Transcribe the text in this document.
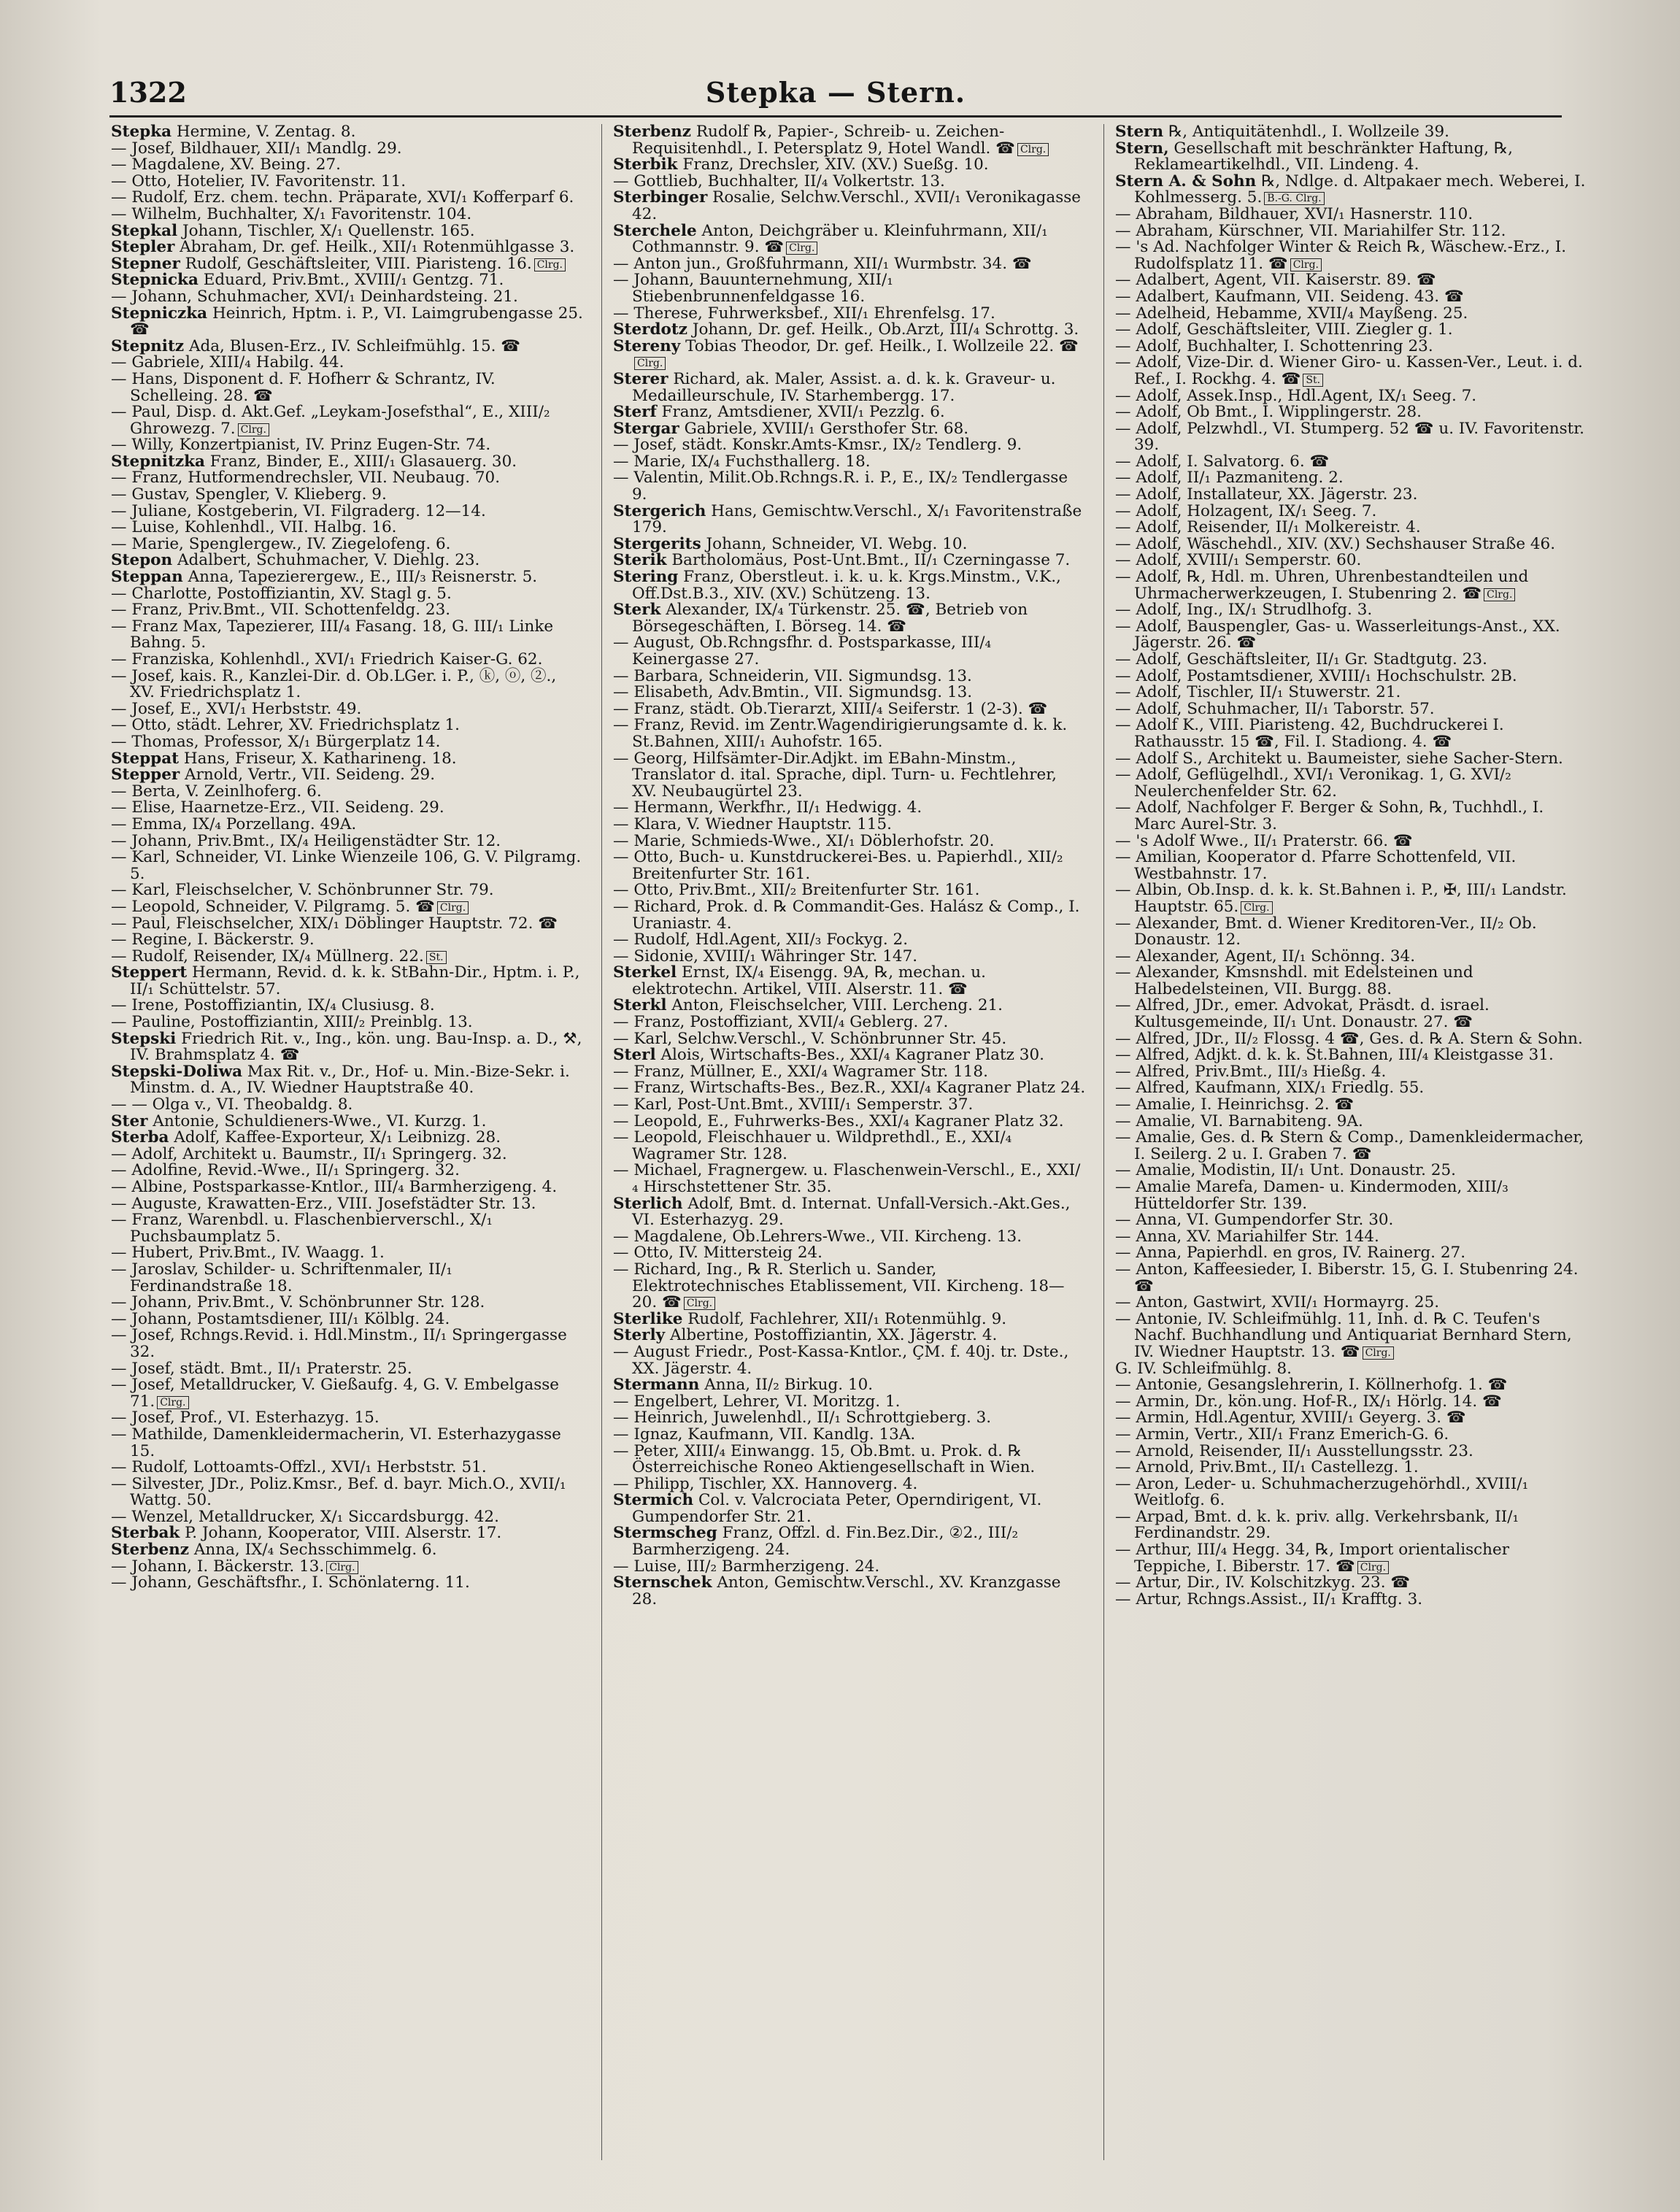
1322	Stepka — Stern.

Stepka Hermine, V. Zentag. 8.

— Josef, Bildhauer, XII/₁ Mandlg. 29.

— Magdalene, XV. Being. 27.

— Otto, Hotelier, IV. Favoritenstr. 11.

— Rudolf, Erz. chem. techn. Präparate, XVI/₁ Kofferparf 6.

— Wilhelm, Buchhalter, X/₁ Favoritenstr. 104.

Stepkal Johann, Tischler, X/₁ Quellenstr. 165.

Stepler Abraham, Dr. gef. Heilk., XII/₁ Rotenmühlgasse 3.

Stepner Rudolf, Geschäftsleiter, VIII. Piaristeng. 16. Clrg.

Stepnicka Eduard, Priv.Bmt., XVIII/₁ Gentzg. 71.

— Johann, Schuhmacher, XVI/₁ Deinhardsteing. 21.

Stepniczka Heinrich, Hptm. i. P., VI. Laimgrubengasse 25. ☎

Stepnitz Ada, Blusen-Erz., IV. Schleifmühlg. 15. ☎

— Gabriele, XIII/₄ Habilg. 44.

— Hans, Disponent d. F. Hofherr & Schrantz, IV. Schelleing. 28. ☎

— Paul, Disp. d. Akt.Gef. „Leykam-Josefsthal“, E., XIII/₂ Ghrowezg. 7. Clrg.

— Willy, Konzertpianist, IV. Prinz Eugen-Str. 74.

Stepnitzka Franz, Binder, E., XIII/₁ Glasauerg. 30.

— Franz, Hutformendrechsler, VII. Neubaug. 70.

— Gustav, Spengler, V. Klieberg. 9.

— Juliane, Kostgeberin, VI. Filgraderg. 12—14.

— Luise, Kohlenhdl., VII. Halbg. 16.

— Marie, Spenglergew., IV. Ziegelofeng. 6.

Stepon Adalbert, Schuhmacher, V. Diehlg. 23.

Steppan Anna, Tapezierergew., E., III/₃ Reisnerstr. 5.

— Charlotte, Postoffiziantin, XV. Stagl g. 5.

— Franz, Priv.Bmt., VII. Schottenfeldg. 23.

— Franz Max, Tapezierer, III/₄ Fasang. 18, G. III/₁ Linke Bahng. 5.

— Franziska, Kohlenhdl., XVI/₁ Friedrich Kaiser-G. 62.

— Josef, kais. R., Kanzlei-Dir. d. Ob.LGer. i. P., ⓚ, ⓞ, ②., XV. Friedrichsplatz 1.

— Josef, E., XVI/₁ Herbststr. 49.

— Otto, städt. Lehrer, XV. Friedrichsplatz 1.

— Thomas, Professor, X/₁ Bürgerplatz 14.

Steppat Hans, Friseur, X. Katharineng. 18.

Stepper Arnold, Vertr., VII. Seideng. 29.

— Berta, V. Zeinlhoferg. 6.

— Elise, Haarnetze-Erz., VII. Seideng. 29.

— Emma, IX/₄ Porzellang. 49A.

— Johann, Priv.Bmt., IX/₄ Heiligenstädter Str. 12.

— Karl, Schneider, VI. Linke Wienzeile 106, G. V. Pilgramg. 5.

— Karl, Fleischselcher, V. Schönbrunner Str. 79.

— Leopold, Schneider, V. Pilgramg. 5. ☎ Clrg.

— Paul, Fleischselcher, XIX/₁ Döblinger Hauptstr. 72. ☎

— Regine, I. Bäckerstr. 9.

— Rudolf, Reisender, IX/₄ Müllnerg. 22. St.

Steppert Hermann, Revid. d. k. k. StBahn-Dir., Hptm. i. P., II/₁ Schüttelstr. 57.

— Irene, Postoffiziantin, IX/₄ Clusiusg. 8.

— Pauline, Postoffiziantin, XIII/₂ Preinblg. 13.

Stepski Friedrich Rit. v., Ing., kön. ung. Bau-Insp. a. D., ⚒, IV. Brahmsplatz 4. ☎

Stepski-Doliwa Max Rit. v., Dr., Hof- u. Min.-Bize-Sekr. i. Minstm. d. A., IV. Wiedner Hauptstraße 40.

— — Olga v., VI. Theobaldg. 8.

Ster Antonie, Schuldieners-Wwe., VI. Kurzg. 1.

Sterba Adolf, Kaffee-Exporteur, X/₁ Leibnizg. 28.

— Adolf, Architekt u. Baumstr., II/₁ Springerg. 32.

— Adolfine, Revid.-Wwe., II/₁ Springerg. 32.

— Albine, Postsparkasse-Kntlor., III/₄ Barmherzigeng. 4.

— Auguste, Krawatten-Erz., VIII. Josefstädter Str. 13.

— Franz, Warenbdl. u. Flaschenbierverschl., X/₁ Puchsbaumplatz 5.

— Hubert, Priv.Bmt., IV. Waagg. 1.

— Jaroslav, Schilder- u. Schriftenmaler, II/₁ Ferdinandstraße 18.

— Johann, Priv.Bmt., V. Schönbrunner Str. 128.

— Johann, Postamtsdiener, III/₁ Kölblg. 24.

— Josef, Rchngs.Revid. i. Hdl.Minstm., II/₁ Springergasse 32.

— Josef, städt. Bmt., II/₁ Praterstr. 25.

— Josef, Metalldrucker, V. Gießaufg. 4, G. V. Embelgasse 71. Clrg.

— Josef, Prof., VI. Esterhazyg. 15.

— Mathilde, Damenkleidermacherin, VI. Esterhazygasse 15.

— Rudolf, Lottoamts-Offzl., XVI/₁ Herbststr. 51.

— Silvester, JDr., Poliz.Kmsr., Bef. d. bayr. Mich.O., XVII/₁ Wattg. 50.

— Wenzel, Metalldrucker, X/₁ Siccardsburgg. 42.

Sterbak P. Johann, Kooperator, VIII. Alserstr. 17.

Sterbenz Anna, IX/₄ Sechsschimmelg. 6.

— Johann, I. Bäckerstr. 13. Clrg.

— Johann, Geschäftsfhr., I. Schönlaterng. 11.

Sterbenz Rudolf ℞, Papier-, Schreib- u. Zeichen-Requisitenhdl., I. Petersplatz 9, Hotel Wandl. ☎ Clrg.

Sterbik Franz, Drechsler, XIV. (XV.) Sueßg. 10.

— Gottlieb, Buchhalter, II/₄ Volkertstr. 13.

Sterbinger Rosalie, Selchw.Verschl., XVII/₁ Veronikagasse 42.

Sterchele Anton, Deichgräber u. Kleinfuhrmann, XII/₁ Cothmannstr. 9. ☎ Clrg.

— Anton jun., Großfuhrmann, XII/₁ Wurmbstr. 34. ☎

— Johann, Bauunternehmung, XII/₁ Stiebenbrunnenfeldgasse 16.

— Therese, Fuhrwerksbef., XII/₁ Ehrenfelsg. 17.

Sterdotz Johann, Dr. gef. Heilk., Ob.Arzt, III/₄ Schrottg. 3.

Stereny Tobias Theodor, Dr. gef. Heilk., I. Wollzeile 22. ☎Clrg.

Sterer Richard, ak. Maler, Assist. a. d. k. k. Graveur- u. Medailleurschule, IV. Starhembergg. 17.

Sterf Franz, Amtsdiener, XVII/₁ Pezzlg. 6.

Stergar Gabriele, XVIII/₁ Gersthofer Str. 68.

— Josef, städt. Konskr.Amts-Kmsr., IX/₂ Tendlerg. 9.

— Marie, IX/₄ Fuchsthallerg. 18.

— Valentin, Milit.Ob.Rchngs.R. i. P., E., IX/₂ Tendlergasse 9.

Stergerich Hans, Gemischtw.Verschl., X/₁ Favoritenstraße 179.

Stergerits Johann, Schneider, VI. Webg. 10.

Sterik Bartholomäus, Post-Unt.Bmt., II/₁ Czerningasse 7.

Stering Franz, Oberstleut. i. k. u. k. Krgs.Minstm., V.K., Off.Dst.B.3., XIV. (XV.) Schützeng. 13.

Sterk Alexander, IX/₄ Türkenstr. 25. ☎, Betrieb von Börsegeschäften, I. Börseg. 14. ☎

— August, Ob.Rchngsfhr. d. Postsparkasse, III/₄ Keinergasse 27.

— Barbara, Schneiderin, VII. Sigmundsg. 13.

— Elisabeth, Adv.Bmtin., VII. Sigmundsg. 13.

— Franz, städt. Ob.Tierarzt, XIII/₄ Seiferstr. 1 (2-3). ☎

— Franz, Revid. im Zentr.Wagendirigierungsamte d. k. k. St.Bahnen, XIII/₁ Auhofstr. 165.

— Georg, Hilfsämter-Dir.Adjkt. im EBahn-Minstm., Translator d. ital. Sprache, dipl. Turn- u. Fechtlehrer, XV. Neubaugürtel 23.

— Hermann, Werkfhr., II/₁ Hedwigg. 4.

— Klara, V. Wiedner Hauptstr. 115.

— Marie, Schmieds-Wwe., XI/₁ Döblerhofstr. 20.

— Otto, Buch- u. Kunstdruckerei-Bes. u. Papierhdl., XII/₂ Breitenfurter Str. 161.

— Otto, Priv.Bmt., XII/₂ Breitenfurter Str. 161.

— Richard, Prok. d. ℞ Commandit-Ges. Halász & Comp., I. Uraniastr. 4.

— Rudolf, Hdl.Agent, XII/₃ Fockyg. 2.

— Sidonie, XVIII/₁ Währinger Str. 147.

Sterkel Ernst, IX/₄ Eisengg. 9A, ℞, mechan. u. elektrotechn. Artikel, VIII. Alserstr. 11. ☎

Sterkl Anton, Fleischselcher, VIII. Lercheng. 21.

— Franz, Postoffiziant, XVII/₄ Geblerg. 27.

— Karl, Selchw.Verschl., V. Schönbrunner Str. 45.

Sterl Alois, Wirtschafts-Bes., XXI/₄ Kagraner Platz 30.

— Franz, Müllner, E., XXI/₄ Wagramer Str. 118.

— Franz, Wirtschafts-Bes., Bez.R., XXI/₄ Kagraner Platz 24.

— Karl, Post-Unt.Bmt., XVIII/₁ Semperstr. 37.

— Leopold, E., Fuhrwerks-Bes., XXI/₄ Kagraner Platz 32.

— Leopold, Fleischhauer u. Wildprethdl., E., XXI/₄ Wagramer Str. 128.

— Michael, Fragnergew. u. Flaschenwein-Verschl., E., XXI/₄ Hirschstettener Str. 35.

Sterlich Adolf, Bmt. d. Internat. Unfall-Versich.-Akt.Ges., VI. Esterhazyg. 29.

— Magdalene, Ob.Lehrers-Wwe., VII. Kircheng. 13.

— Otto, IV. Mittersteig 24.

— Richard, Ing., ℞ R. Sterlich u. Sander, Elektrotechnisches Etablissement, VII. Kircheng. 18—20. ☎ Clrg.

Sterlike Rudolf, Fachlehrer, XII/₁ Rotenmühlg. 9.

Sterly Albertine, Postoffiziantin, XX. Jägerstr. 4.

— August Friedr., Post-Kassa-Kntlor., ÇM. f. 40j. tr. Dste., XX. Jägerstr. 4.

Stermann Anna, II/₂ Birkug. 10.

— Engelbert, Lehrer, VI. Moritzg. 1.

— Heinrich, Juwelenhdl., II/₁ Schrottgieberg. 3.

— Ignaz, Kaufmann, VII. Kandlg. 13A.

— Peter, XIII/₄ Einwangg. 15, Ob.Bmt. u. Prok. d. ℞ Österreichische Roneo Aktiengesellschaft in Wien.

— Philipp, Tischler, XX. Hannoverg. 4.

Stermich Col. v. Valcrociata Peter, Operndirigent, VI. Gumpendorfer Str. 21.

Stermscheg Franz, Offzl. d. Fin.Bez.Dir., ②2., III/₂ Barmherzigeng. 24.

— Luise, III/₂ Barmherzigeng. 24.

Sternschek Anton, Gemischtw.Verschl., XV. Kranzgasse 28.

Stern ℞, Antiquitätenhdl., I. Wollzeile 39.

Stern, Gesellschaft mit beschränkter Haftung, ℞, Reklameartikelhdl., VII. Lindeng. 4.

Stern A. & Sohn ℞, Ndlge. d. Altpakaer mech. Weberei, I. Kohlmesserg. 5. B.-G. Clrg.

— Abraham, Bildhauer, XVI/₁ Hasnerstr. 110.

— Abraham, Kürschner, VII. Mariahilfer Str. 112.

— 's Ad. Nachfolger Winter & Reich ℞, Wäschew.-Erz., I. Rudolfsplatz 11. ☎ Clrg.

— Adalbert, Agent, VII. Kaiserstr. 89. ☎

— Adalbert, Kaufmann, VII. Seideng. 43. ☎

— Adelheid, Hebamme, XVII/₄ Mayßeng. 25.

— Adolf, Geschäftsleiter, VIII. Ziegler g. 1.

— Adolf, Buchhalter, I. Schottenring 23.

— Adolf, Vize-Dir. d. Wiener Giro- u. Kassen-Ver., Leut. i. d. Ref., I. Rockhg. 4. ☎ St.

— Adolf, Assek.Insp., Hdl.Agent, IX/₁ Seeg. 7.

— Adolf, Ob Bmt., I. Wipplingerstr. 28.

— Adolf, Pelzwhdl., VI. Stumperg. 52 ☎ u. IV. Favoritenstr. 39.

— Adolf, I. Salvatorg. 6. ☎

— Adolf, II/₁ Pazmaniteng. 2.

— Adolf, Installateur, XX. Jägerstr. 23.

— Adolf, Holzagent, IX/₁ Seeg. 7.

— Adolf, Reisender, II/₁ Molkereistr. 4.

— Adolf, Wäschehdl., XIV. (XV.) Sechshauser Straße 46.

— Adolf, XVIII/₁ Semperstr. 60.

— Adolf, ℞, Hdl. m. Uhren, Uhrenbestandteilen und Uhrmacherwerkzeugen, I. Stubenring 2. ☎ Clrg.

— Adolf, Ing., IX/₁ Strudlhofg. 3.

— Adolf, Bauspengler, Gas- u. Wasserleitungs-Anst., XX. Jägerstr. 26. ☎

— Adolf, Geschäftsleiter, II/₁ Gr. Stadtgutg. 23.

— Adolf, Postamtsdiener, XVIII/₁ Hochschulstr. 2B.

— Adolf, Tischler, II/₁ Stuwerstr. 21.

— Adolf, Schuhmacher, II/₁ Taborstr. 57.

— Adolf K., VIII. Piaristeng. 42, Buchdruckerei I. Rathausstr. 15 ☎, Fil. I. Stadiong. 4. ☎

— Adolf S., Architekt u. Baumeister, siehe Sacher-Stern.

— Adolf, Geflügelhdl., XVI/₁ Veronikag. 1, G. XVI/₂ Neulerchenfelder Str. 62.

— Adolf, Nachfolger F. Berger & Sohn, ℞, Tuchhdl., I. Marc Aurel-Str. 3.

— 's Adolf Wwe., II/₁ Praterstr. 66. ☎

— Amilian, Kooperator d. Pfarre Schottenfeld, VII. Westbahnstr. 17.

— Albin, Ob.Insp. d. k. k. St.Bahnen i. P., ✠, III/₁ Landstr. Hauptstr. 65. Clrg.

— Alexander, Bmt. d. Wiener Kreditoren-Ver., II/₂ Ob. Donaustr. 12.

— Alexander, Agent, II/₁ Schönng. 34.

— Alexander, Kmsnshdl. mit Edelsteinen und Halbedelsteinen, VII. Burgg. 88.

— Alfred, JDr., emer. Advokat, Präsdt. d. israel. Kultusgemeinde, II/₁ Unt. Donaustr. 27. ☎

— Alfred, JDr., II/₂ Flossg. 4 ☎, Ges. d. ℞ A. Stern & Sohn.

— Alfred, Adjkt. d. k. k. St.Bahnen, III/₄ Kleistgasse 31.

— Alfred, Priv.Bmt., III/₃ Hießg. 4.

— Alfred, Kaufmann, XIX/₁ Friedlg. 55.

— Amalie, I. Heinrichsg. 2. ☎

— Amalie, VI. Barnabiteng. 9A.

— Amalie, Ges. d. ℞ Stern & Comp., Damenkleidermacher, I. Seilerg. 2 u. I. Graben 7. ☎

— Amalie, Modistin, II/₁ Unt. Donaustr. 25.

— Amalie Marefa, Damen- u. Kindermoden, XIII/₃ Hütteldorfer Str. 139.

— Anna, VI. Gumpendorfer Str. 30.

— Anna, XV. Mariahilfer Str. 144.

— Anna, Papierhdl. en gros, IV. Rainerg. 27.

— Anton, Kaffeesieder, I. Biberstr. 15, G. I. Stubenring 24. ☎

— Anton, Gastwirt, XVII/₁ Hormayrg. 25.

— Antonie, IV. Schleifmühlg. 11, Inh. d. ℞ C. Teufen's Nachf. Buchhandlung und Antiquariat Bernhard Stern, IV. Wiedner Hauptstr. 13. ☎ Clrg.

G. IV. Schleifmühlg. 8.

— Antonie, Gesangslehrerin, I. Köllnerhofg. 1. ☎

— Armin, Dr., kön.ung. Hof-R., IX/₁ Hörlg. 14. ☎

— Armin, Hdl.Agentur, XVIII/₁ Geyerg. 3. ☎

— Armin, Vertr., XII/₁ Franz Emerich-G. 6.

— Arnold, Reisender, II/₁ Ausstellungsstr. 23.

— Arnold, Priv.Bmt., II/₁ Castellezg. 1.

— Aron, Leder- u. Schuhmacherzugehörhdl., XVIII/₁ Weitlofg. 6.

— Arpad, Bmt. d. k. k. priv. allg. Verkehrsbank, II/₁ Ferdinandstr. 29.

— Arthur, III/₄ Hegg. 34, ℞, Import orientalischer Teppiche, I. Biberstr. 17. ☎ Clrg.

— Artur, Dir., IV. Kolschitzkyg. 23. ☎

— Artur, Rchngs.Assist., II/₁ Krafftg. 3.
